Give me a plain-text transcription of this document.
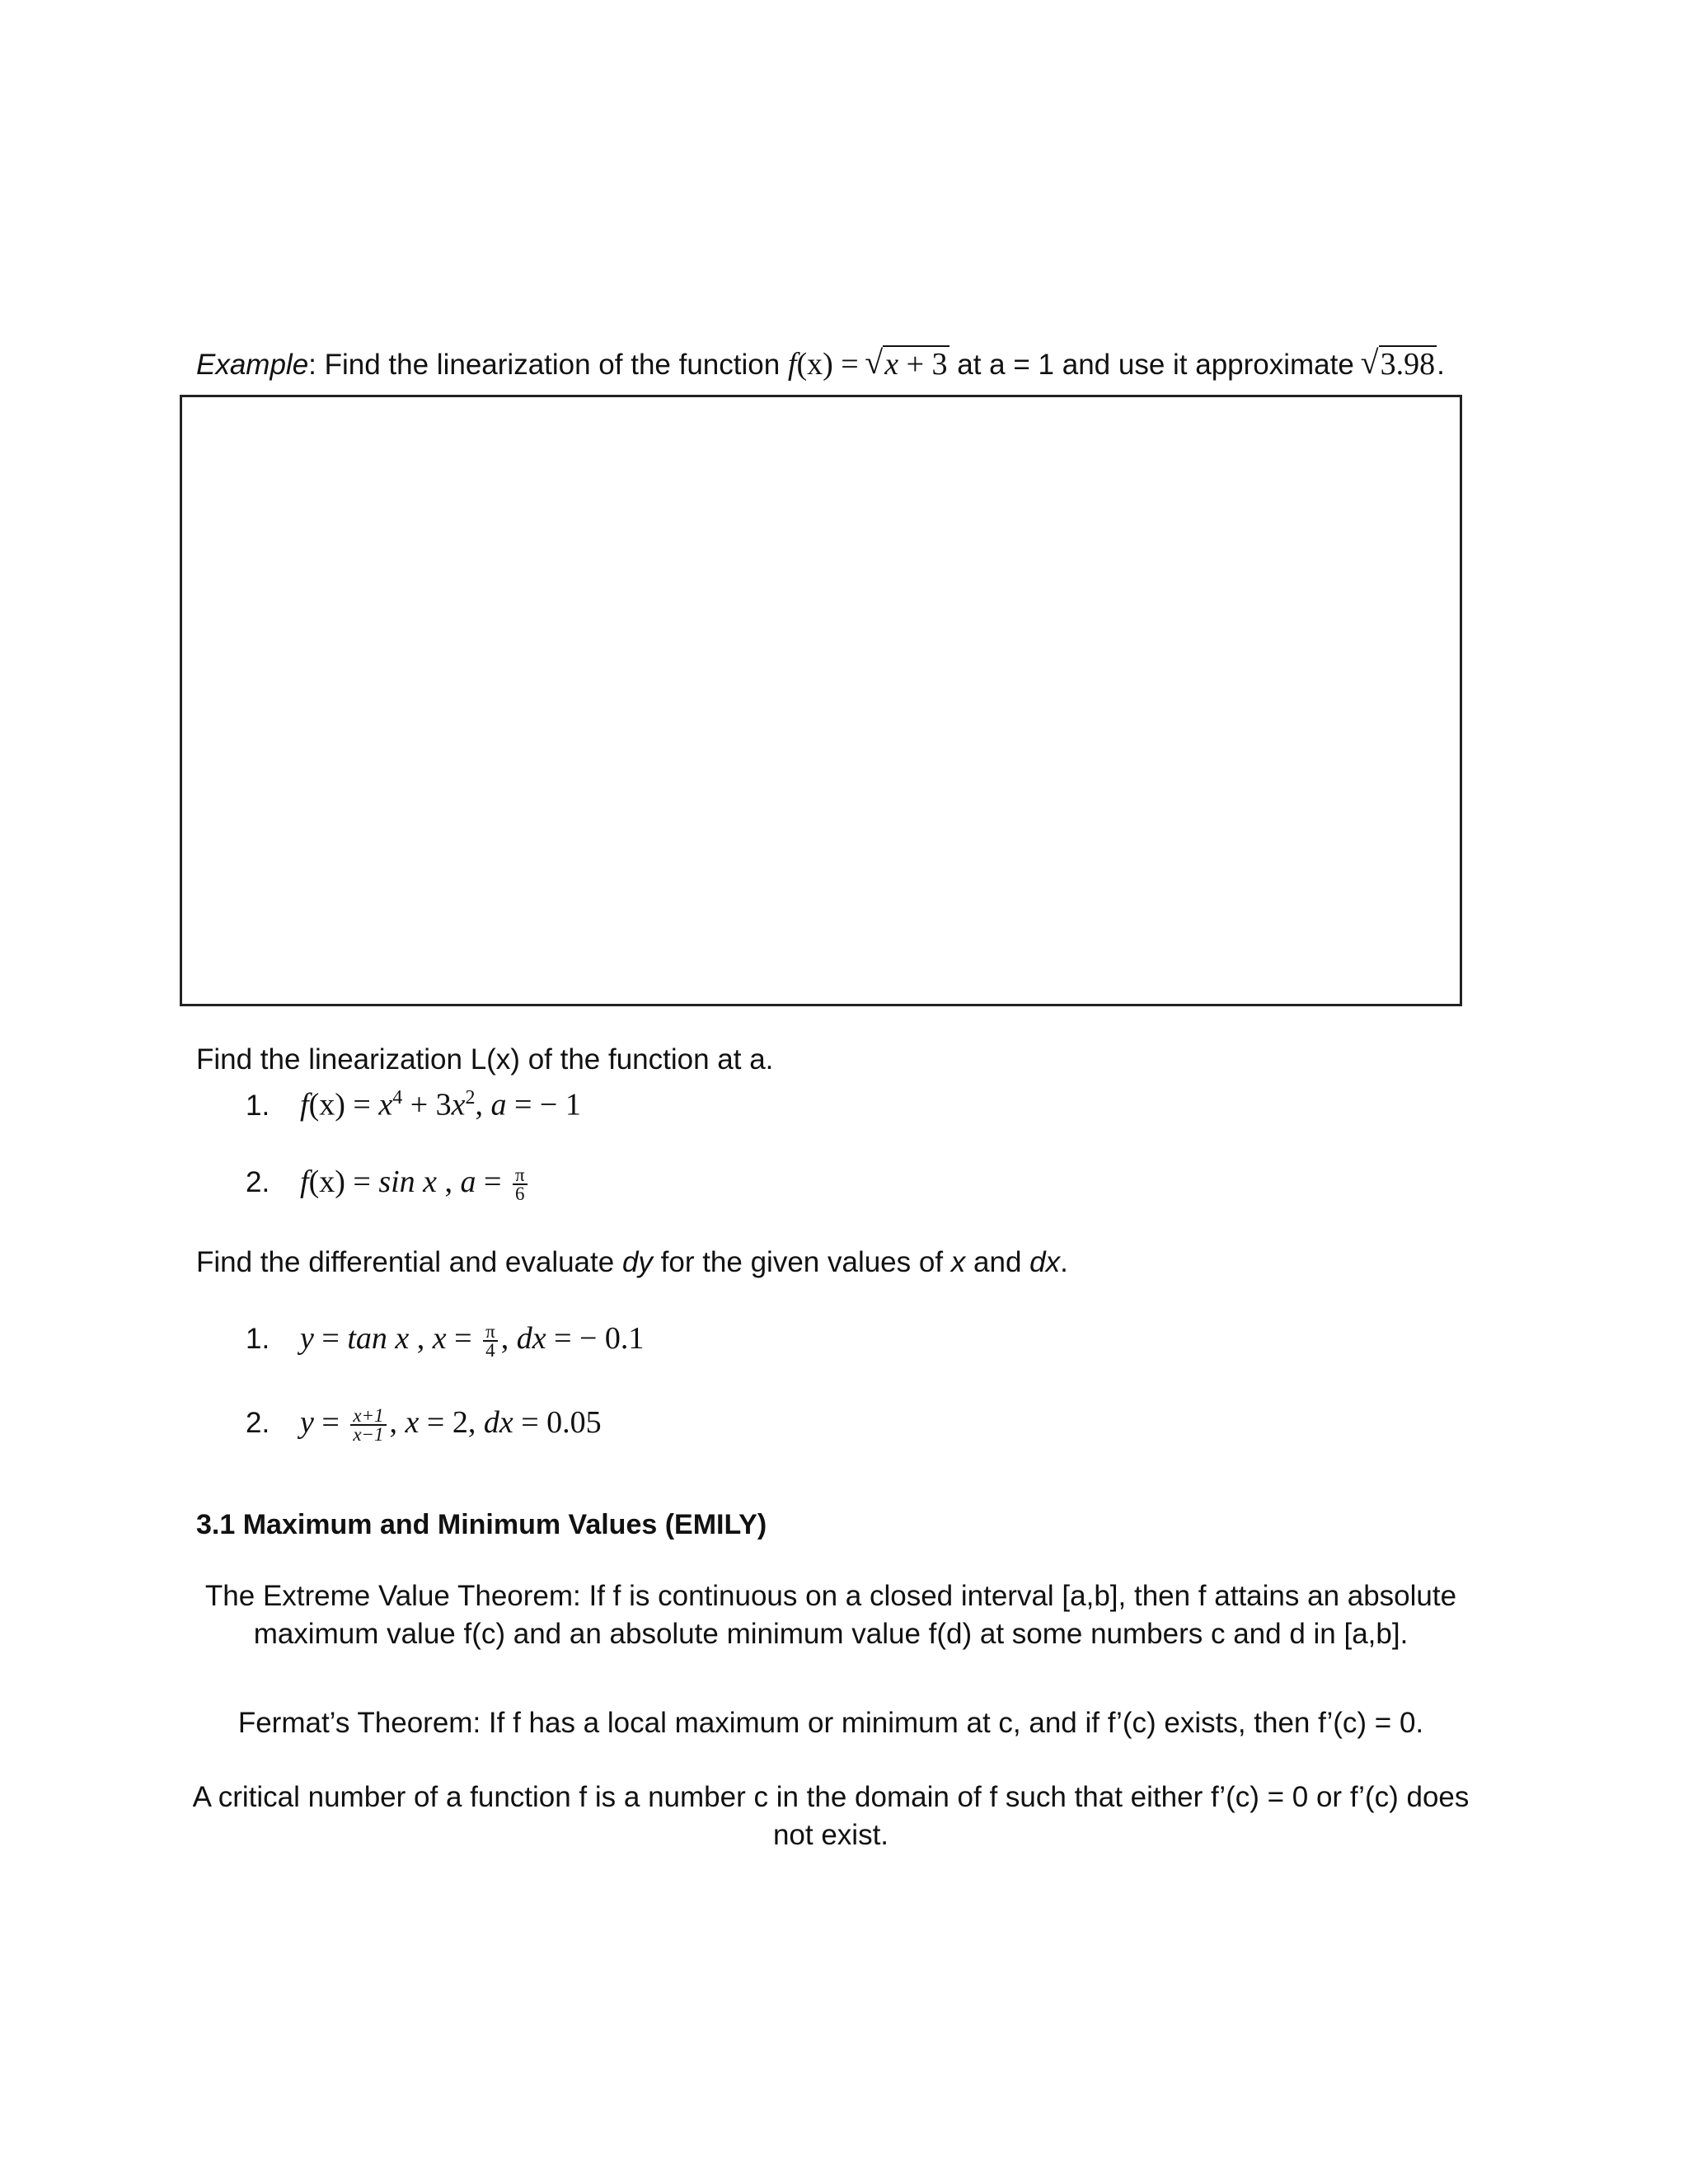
Example: Find the linearization of the function f(x) = √ x + 3 at a = 1 and use it approximate √ 3.98.
Find the linearization L(x) of the function at a.
1. $f(x) = x^4 + 3x^2$, a = − 1
2. f(x) = sin x , $a = \frac{\pi}{6}$
Find the differential and evaluate dy for the given values of x and dx.
1. y = tan x , $x = \frac{\pi}{4}$ , dx = − 0.1
2. $y = \frac{x+1}{x-1}$ , x = 2, dx = 0.05
3.1 Maximum and Minimum Values (EMILY)
The Extreme Value Theorem: If f is continuous on a closed interval [a,b], then f attains an absolute
maximum value f(c) and an absolute minimum value f(d) at some numbers c and d in [a,b].
Fermat’s Theorem: If f has a local maximum or minimum at c, and if f’(c) exists, then f’(c) = 0.
A critical number of a function f is a number c in the domain of f such that either f’(c) = 0 or f’(c) does
not exist.
